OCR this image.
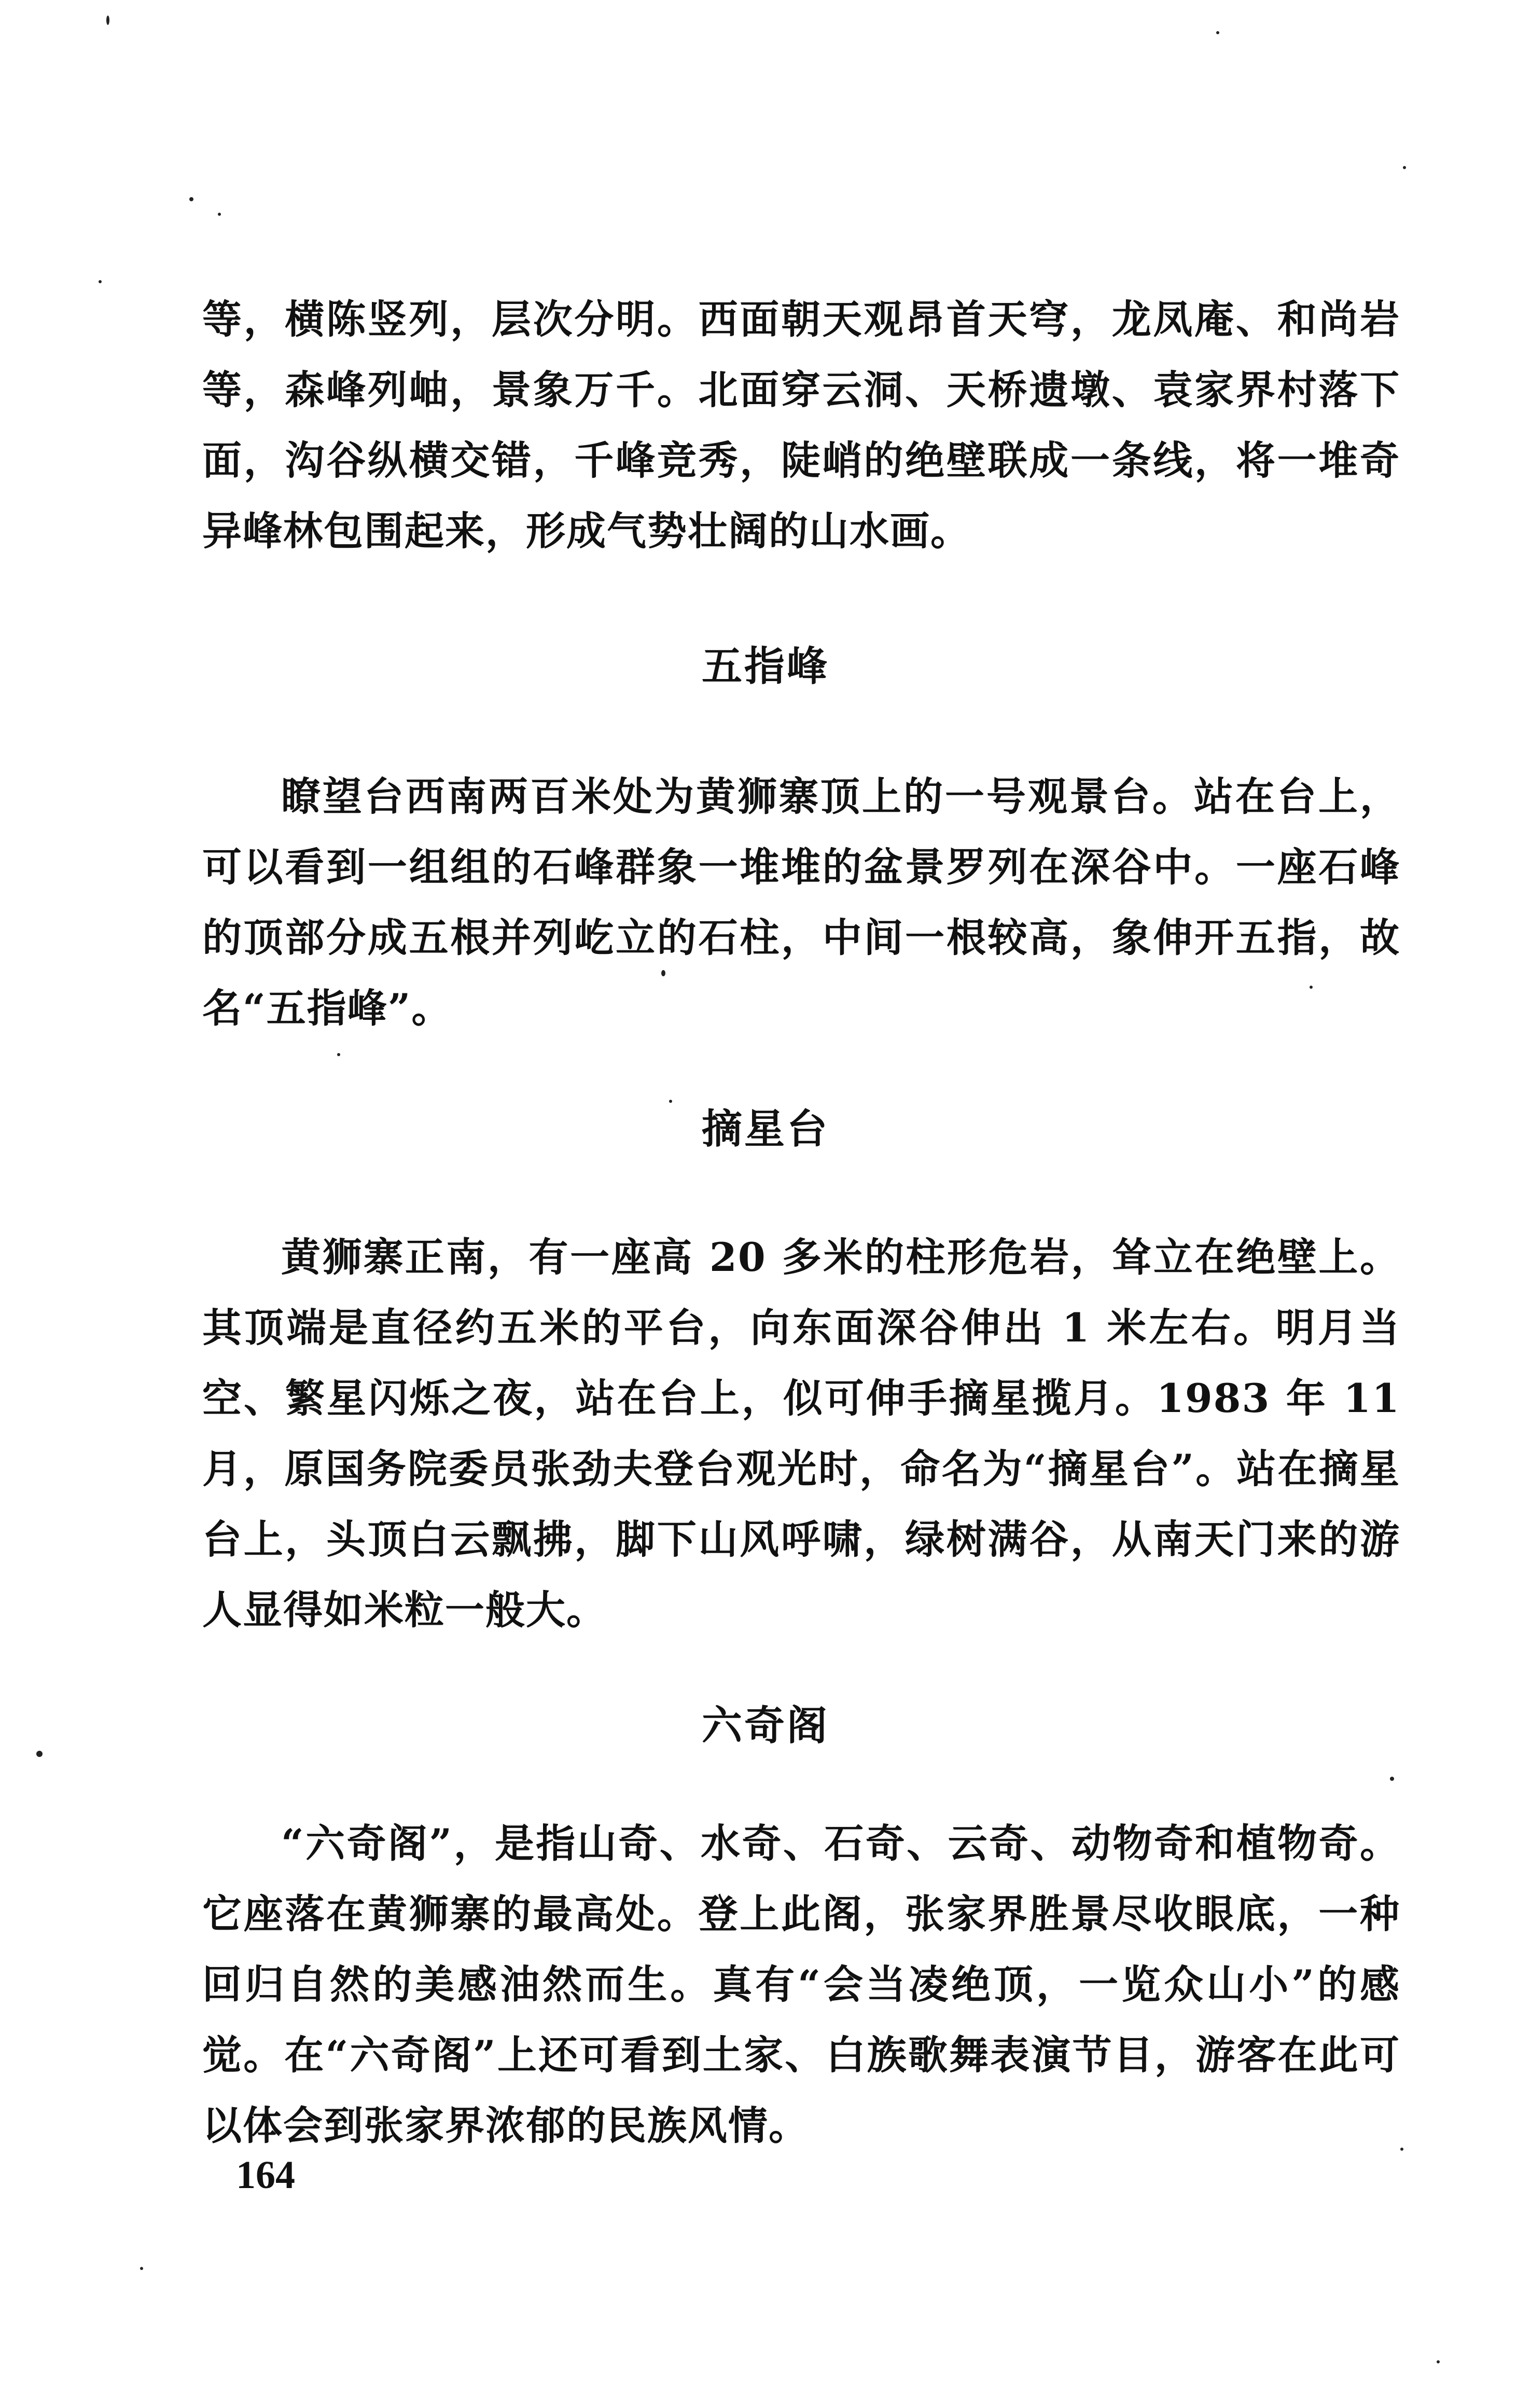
等，横陈竖列，层次分明。西面朝天观昂首天穹，龙凤庵、和尚岩等，森峰列岫，景象万千。北面穿云洞、天桥遗墩、袁家界村落下面，沟谷纵横交错，千峰竞秀，陡峭的绝壁联成一条线，将一堆奇异峰林包围起来，形成气势壮阔的山水画。

五指峰

瞭望台西南两百米处为黄狮寨顶上的一号观景台。站在台上，可以看到一组组的石峰群象一堆堆的盆景罗列在深谷中。一座石峰的顶部分成五根并列屹立的石柱，中间一根较高，象伸开五指，故名“五指峰”。

摘星台

黄狮寨正南，有一座高 20 多米的柱形危岩，耸立在绝壁上。其顶端是直径约五米的平台，向东面深谷伸出 1 米左右。明月当空、繁星闪烁之夜，站在台上，似可伸手摘星揽月。1983 年 11 月，原国务院委员张劲夫登台观光时，命名为“摘星台”。站在摘星台上，头顶白云飘拂，脚下山风呼啸，绿树满谷，从南天门来的游人显得如米粒一般大。

六奇阁

“六奇阁”，是指山奇、水奇、石奇、云奇、动物奇和植物奇。它座落在黄狮寨的最高处。登上此阁，张家界胜景尽收眼底，一种回归自然的美感油然而生。真有“会当凌绝顶，一览众山小”的感觉。在“六奇阁”上还可看到土家、白族歌舞表演节目，游客在此可以体会到张家界浓郁的民族风情。

164
